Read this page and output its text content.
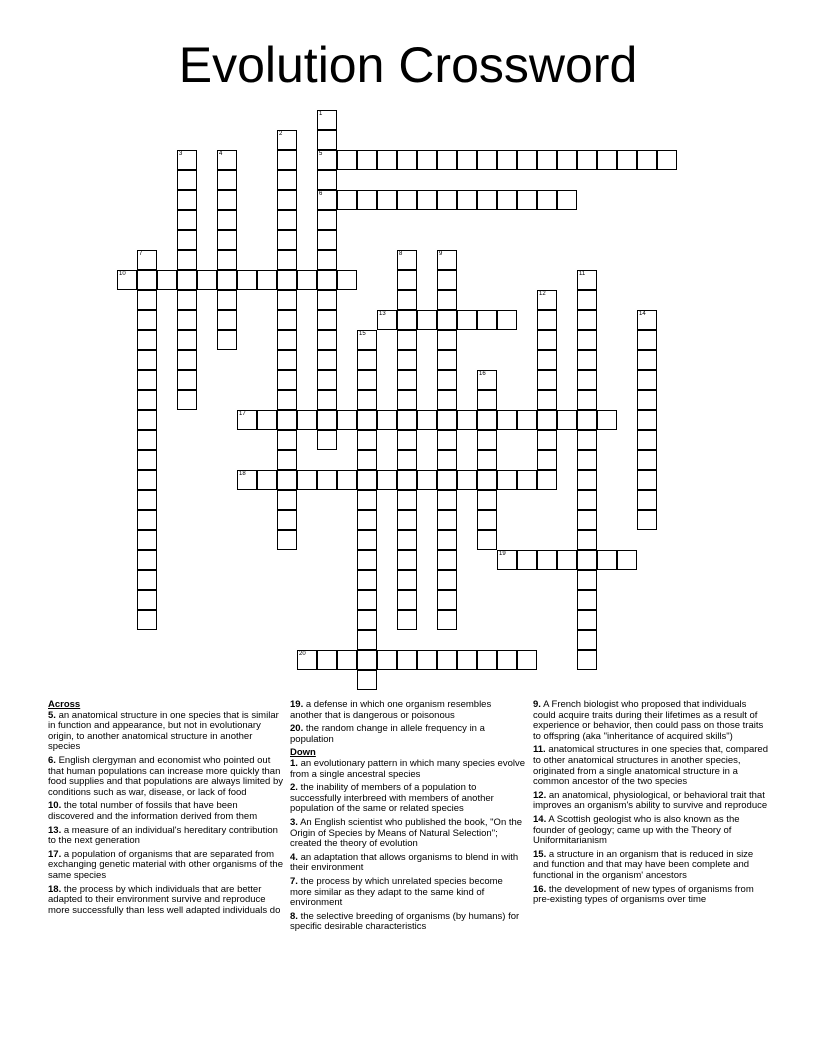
Evolution Crossword
1
5
6
2
3	4
7	8	9
10	11
12
13	14
15
16
17
18
19
20
Across
5. an anatomical structure in one species that is similar in function and appearance, but not in evolutionary origin, to another anatomical structure in another species
6. English clergyman and economist who pointed out that human populations can increase more quickly than food supplies and that populations are always limited by conditions such as war, disease, or lack of food
10. the total number of fossils that have been discovered and the information derived from them
13. a measure of an individual's hereditary contribution to the next generation
17. a population of organisms that are separated from exchanging genetic material with other organisms of the same species
18. the process by which individuals that are better adapted to their environment survive and reproduce more successfully than less well adapted individuals do
19. a defense in which one organism resembles another that is dangerous or poisonous
20. the random change in allele frequency in a population
Down
1. an evolutionary pattern in which many species evolve from a single ancestral species
2. the inability of members of a population to successfully interbreed with members of another population of the same or related species
3. An English scientist who published the book, "On the Origin of Species by Means of Natural Selection"; created the theory of evolution
4. an adaptation that allows organisms to blend in with their environment
7. the process by which unrelated species become more similar as they adapt to the same kind of environment
8. the selective breeding of organisms (by humans) for specific desirable characteristics
9. A French biologist who proposed that individuals could acquire traits during their lifetimes as a result of experience or behavior, then could pass on those traits to offspring (aka "inheritance of acquired skills")
11. anatomical structures in one species that, compared to other anatomical structures in another species, originated from a single anatomical structure in a common ancestor of the two species
12. an anatomical, physiological, or behavioral trait that improves an organism's ability to survive and reproduce
14. A Scottish geologist who is also known as the founder of geology; came up with the Theory of Uniformitarianism
15. a structure in an organism that is reduced in size and function and that may have been complete and functional in the organism' ancestors
16. the development of new types of organisms from pre-existing types of organisms over time
